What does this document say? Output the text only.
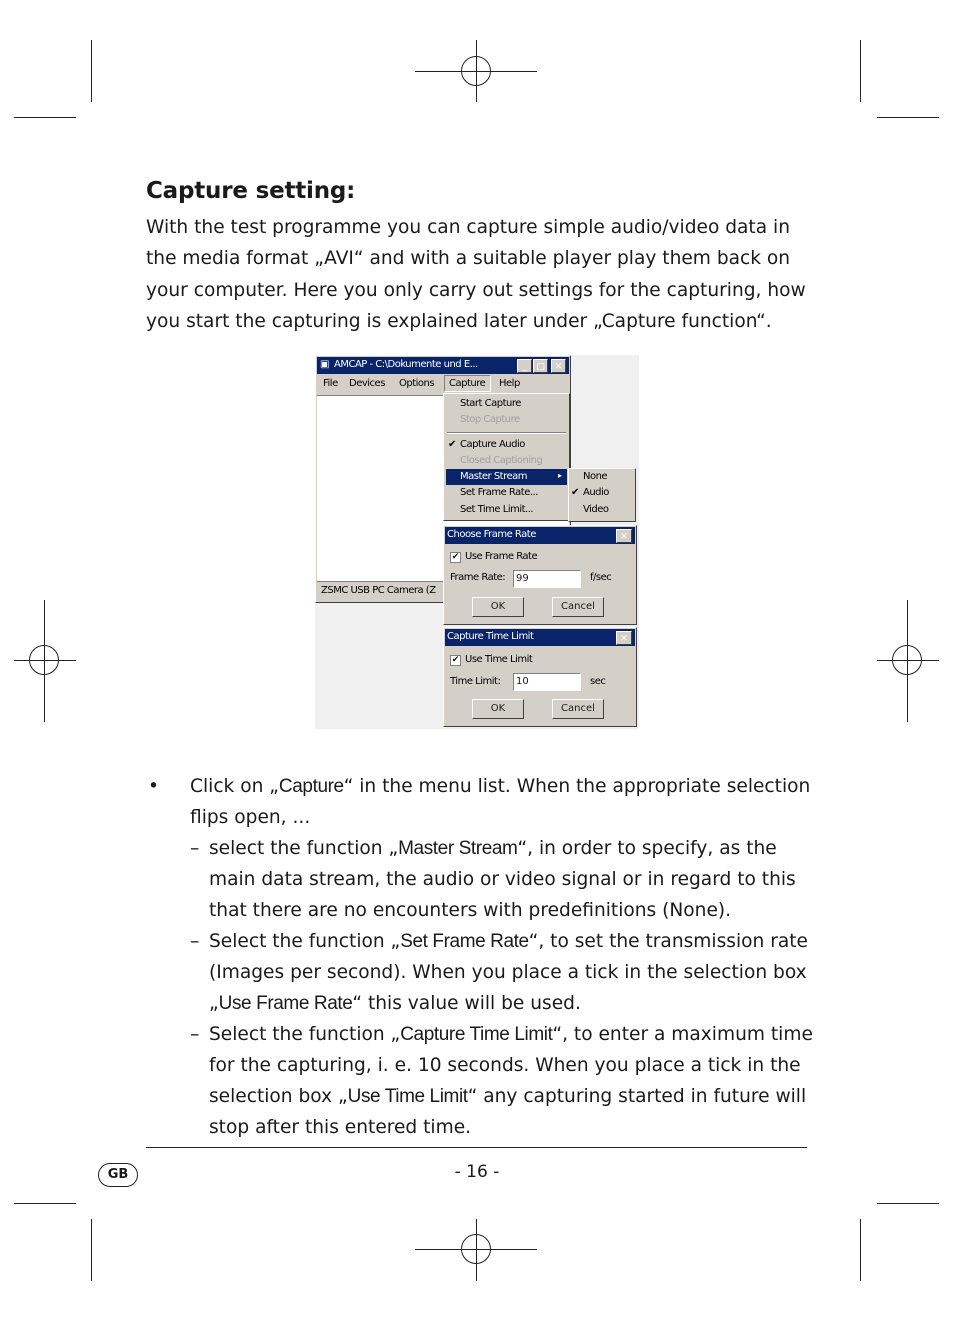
Capture setting:

With the test programme you can capture simple audio/video data in the media format „AVI“ and with a suitable player play them back on your computer. Here you only carry out settings for the capturing, how you start the capturing is explained later under „Capture function“.

▣ AMCAP - C:\Dokumente und E...	_	□	✕
File Devices Options Capture Help
ZSMC USB PC Camera (Z
Start Capture
Stop Capture
✔ Capture Audio
Closed Captioning
Master Stream	▸
Set Frame Rate...
Set Time Limit...
None
✔ Audio
Video
Choose Frame Rate	✕
✔ Use Frame Rate
Frame Rate:	99	f/sec
OK	Cancel
Capture Time Limit	✕
✔ Use Time Limit
Time Limit:	10	sec
OK	Cancel
• Click on „Capture“ in the menu list. When the appropriate selection flips open, ...
– select the function „Master Stream“, in order to specify, as the main data stream, the audio or video signal or in regard to this that there are no encounters with predefinitions (None).
– Select the function „Set Frame Rate“, to set the transmission rate (Images per second). When you place a tick in the selection box „Use Frame Rate“ this value will be used.
– Select the function „Capture Time Limit“, to enter a maximum time for the capturing, i. e. 10 seconds. When you place a tick in the selection box „Use Time Limit“ any capturing started in future will stop after this entered time.
GB	- 16 -
